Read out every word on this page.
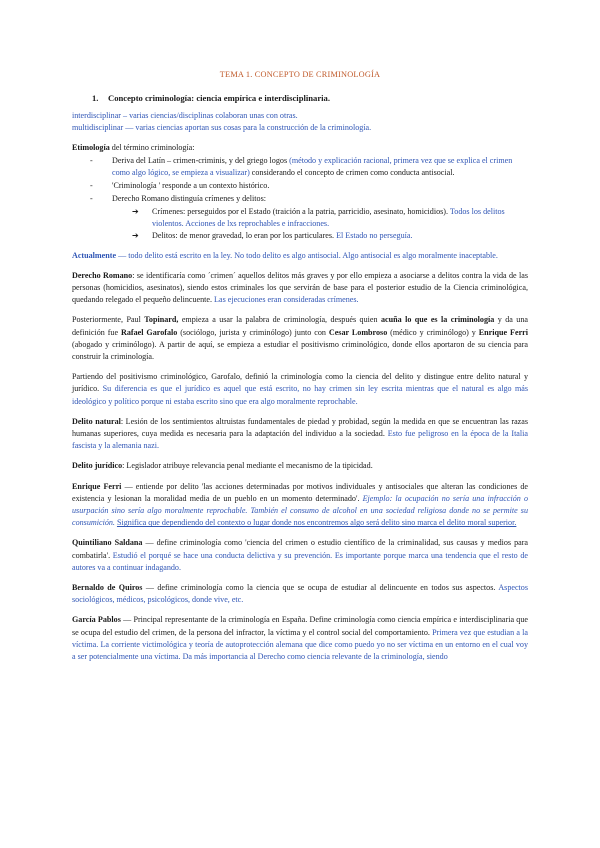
TEMA 1. CONCEPTO DE CRIMINOLOGÍA
1. Concepto criminología: ciencia empírica e interdisciplinaria.

interdisciplinar – varias ciencias/disciplinas colaboran unas con otras.

multidisciplinar — varias ciencias aportan sus cosas para la construcción de la criminología.

Etimología del término criminología:

- Deriva del Latín – crimen-criminis, y del griego logos (método y explicación racional, primera vez que se explica el crimen como algo lógico, se empieza a visualizar) considerando el concepto de crimen como conducta antisocial.
- 'Criminología ' responde a un contexto histórico.
- Derecho Romano distinguía crímenes y delitos:
➔ Crímenes: perseguidos por el Estado (traición a la patria, parricidio, asesinato, homicidios). Todos los delitos violentos. Acciones de lxs reprochables e infracciones.
➔ Delitos: de menor gravedad, lo eran por los particulares. El Estado no perseguía.

Actualmente — todo delito está escrito en la ley. No todo delito es algo antisocial. Algo antisocial es algo moralmente inaceptable.

Derecho Romano: se identificaría como ´crimen´ aquellos delitos más graves y por ello empieza a asociarse a delitos contra la vida de las personas (homicidios, asesinatos), siendo estos criminales los que servirán de base para el posterior estudio de la Ciencia criminológica, quedando relegado el pequeño delincuente. Las ejecuciones eran consideradas crímenes.

Posteriormente, Paul Topinard, empieza a usar la palabra de criminología, después quien acuña lo que es la criminología y da una definición fue Rafael Garofalo (sociólogo, jurista y criminólogo) junto con Cesar Lombroso (médico y criminólogo) y Enrique Ferri (abogado y criminólogo). A partir de aquí, se empieza a estudiar el positivismo criminológico, donde ellos aportaron de su ciencia para construir la criminología.

Partiendo del positivismo criminológico, Garofalo, definió la criminología como la ciencia del delito y distingue entre delito natural y jurídico. Su diferencia es que el jurídico es aquel que está escrito, no hay crimen sin ley escrita mientras que el natural es algo más ideológico y político porque ni estaba escrito sino que era algo moralmente reprochable.

Delito natural: Lesión de los sentimientos altruistas fundamentales de piedad y probidad, según la medida en que se encuentran las razas humanas superiores, cuya medida es necesaria para la adaptación del individuo a la sociedad. Esto fue peligroso en la época de la Italia fascista y la alemania nazi.

Delito jurídico: Legislador atribuye relevancia penal mediante el mecanismo de la tipicidad.

Enrique Ferri — entiende por delito 'las acciones determinadas por motivos individuales y antisociales que alteran las condiciones de existencia y lesionan la moralidad media de un pueblo en un momento determinado'. Ejemplo: la ocupación no sería una infracción o usurpación sino sería algo moralmente reprochable. También el consumo de alcohol en una sociedad religiosa donde no se permite su consumición. Significa que dependiendo del contexto o lugar donde nos encontremos algo será delito sino marca el delito moral superior.

Quintiliano Saldana — define criminología como 'ciencia del crimen o estudio científico de la criminalidad, sus causas y medios para combatirla'. Estudió el porqué se hace una conducta delictiva y su prevención. Es importante porque marca una tendencia que el resto de autores va a continuar indagando.

Bernaldo de Quiros — define criminología como la ciencia que se ocupa de estudiar al delincuente en todos sus aspectos. Aspectos sociológicos, médicos, psicológicos, donde vive, etc.

García Pablos — Principal representante de la criminología en España. Define criminología como ciencia empírica e interdisciplinaria que se ocupa del estudio del crimen, de la persona del infractor, la víctima y el control social del comportamiento. Primera vez que estudian a la víctima. La corriente victimológica y teoría de autoprotección alemana que dice como puedo yo no ser víctima en un entorno en el cual voy a ser potencialmente una víctima. Da más importancia al Derecho como ciencia relevante de la criminología, siendo
